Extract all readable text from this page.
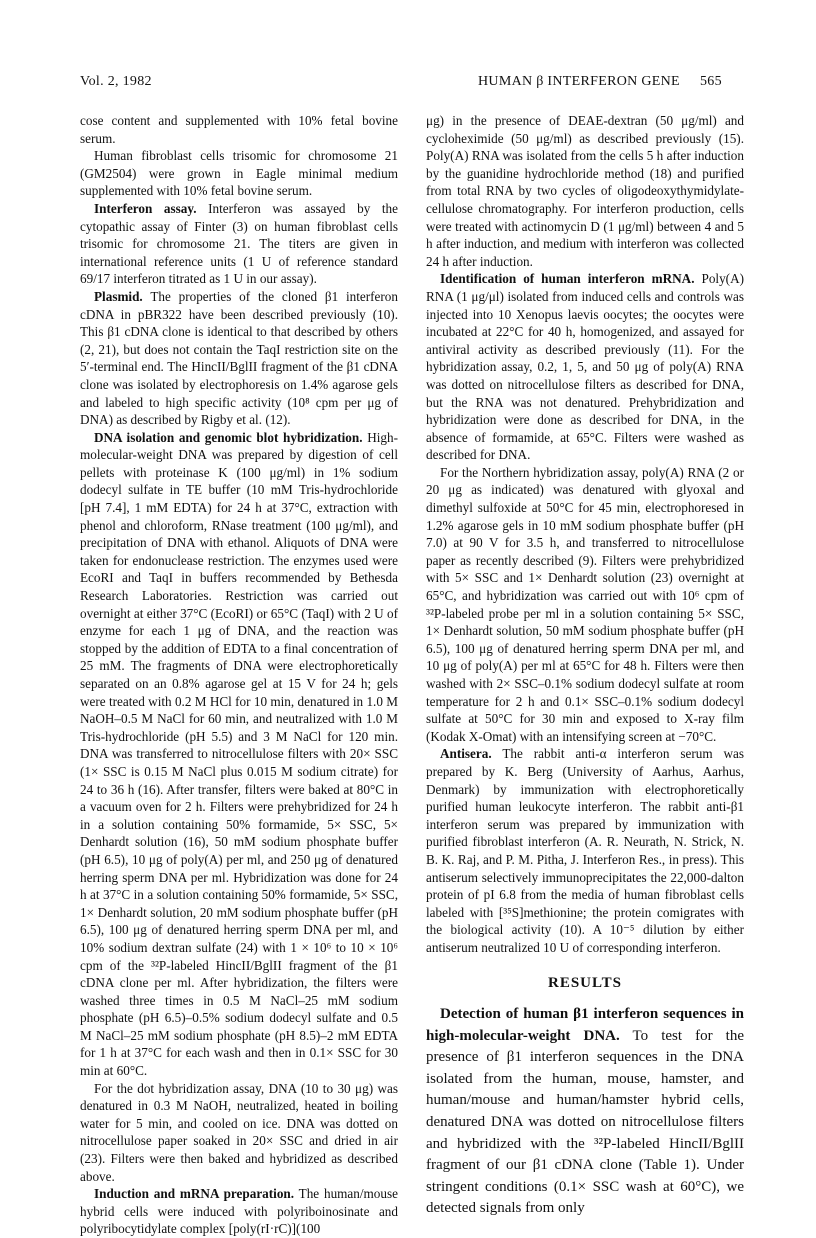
Vol. 2, 1982	HUMAN β INTERFERON GENE 565

cose content and supplemented with 10% fetal bovine serum.

Human fibroblast cells trisomic for chromosome 21 (GM2504) were grown in Eagle minimal medium supplemented with 10% fetal bovine serum.

Interferon assay. Interferon was assayed by the cytopathic assay of Finter (3) on human fibroblast cells trisomic for chromosome 21. The titers are given in international reference units (1 U of reference standard 69/17 interferon titrated as 1 U in our assay).

Plasmid. The properties of the cloned β1 interferon cDNA in pBR322 have been described previously (10). This β1 cDNA clone is identical to that described by others (2, 21), but does not contain the TaqI restriction site on the 5′-terminal end. The HincII/BglII fragment of the β1 cDNA clone was isolated by electrophoresis on 1.4% agarose gels and labeled to high specific activity (10⁸ cpm per μg of DNA) as described by Rigby et al. (12).

DNA isolation and genomic blot hybridization. High-molecular-weight DNA was prepared by digestion of cell pellets with proteinase K (100 μg/ml) in 1% sodium dodecyl sulfate in TE buffer (10 mM Tris-hydrochloride [pH 7.4], 1 mM EDTA) for 24 h at 37°C, extraction with phenol and chloroform, RNase treatment (100 μg/ml), and precipitation of DNA with ethanol. Aliquots of DNA were taken for endonuclease restriction. The enzymes used were EcoRI and TaqI in buffers recommended by Bethesda Research Laboratories. Restriction was carried out overnight at either 37°C (EcoRI) or 65°C (TaqI) with 2 U of enzyme for each 1 μg of DNA, and the reaction was stopped by the addition of EDTA to a final concentration of 25 mM. The fragments of DNA were electrophoretically separated on an 0.8% agarose gel at 15 V for 24 h; gels were treated with 0.2 M HCl for 10 min, denatured in 1.0 M NaOH–0.5 M NaCl for 60 min, and neutralized with 1.0 M Tris-hydrochloride (pH 5.5) and 3 M NaCl for 120 min. DNA was transferred to nitrocellulose filters with 20× SSC (1× SSC is 0.15 M NaCl plus 0.015 M sodium citrate) for 24 to 36 h (16). After transfer, filters were baked at 80°C in a vacuum oven for 2 h. Filters were prehybridized for 24 h in a solution containing 50% formamide, 5× SSC, 5× Denhardt solution (16), 50 mM sodium phosphate buffer (pH 6.5), 10 μg of poly(A) per ml, and 250 μg of denatured herring sperm DNA per ml. Hybridization was done for 24 h at 37°C in a solution containing 50% formamide, 5× SSC, 1× Denhardt solution, 20 mM sodium phosphate buffer (pH 6.5), 100 μg of denatured herring sperm DNA per ml, and 10% sodium dextran sulfate (24) with 1 × 10⁶ to 10 × 10⁶ cpm of the ³²P-labeled HincII/BglII fragment of the β1 cDNA clone per ml. After hybridization, the filters were washed three times in 0.5 M NaCl–25 mM sodium phosphate (pH 6.5)–0.5% sodium dodecyl sulfate and 0.5 M NaCl–25 mM sodium phosphate (pH 8.5)–2 mM EDTA for 1 h at 37°C for each wash and then in 0.1× SSC for 30 min at 60°C.

For the dot hybridization assay, DNA (10 to 30 μg) was denatured in 0.3 M NaOH, neutralized, heated in boiling water for 5 min, and cooled on ice. DNA was dotted on nitrocellulose paper soaked in 20× SSC and dried in air (23). Filters were then baked and hybridized as described above.

Induction and mRNA preparation. The human/mouse hybrid cells were induced with polyriboinosinate and polyribocytidylate complex [poly(rI·rC)](100

μg) in the presence of DEAE-dextran (50 μg/ml) and cycloheximide (50 μg/ml) as described previously (15). Poly(A) RNA was isolated from the cells 5 h after induction by the guanidine hydrochloride method (18) and purified from total RNA by two cycles of oligodeoxythymidylate-cellulose chromatography. For interferon production, cells were treated with actinomycin D (1 μg/ml) between 4 and 5 h after induction, and medium with interferon was collected 24 h after induction.

Identification of human interferon mRNA. Poly(A) RNA (1 μg/μl) isolated from induced cells and controls was injected into 10 Xenopus laevis oocytes; the oocytes were incubated at 22°C for 40 h, homogenized, and assayed for antiviral activity as described previously (11). For the hybridization assay, 0.2, 1, 5, and 50 μg of poly(A) RNA was dotted on nitrocellulose filters as described for DNA, but the RNA was not denatured. Prehybridization and hybridization were done as described for DNA, in the absence of formamide, at 65°C. Filters were washed as described for DNA.

For the Northern hybridization assay, poly(A) RNA (2 or 20 μg as indicated) was denatured with glyoxal and dimethyl sulfoxide at 50°C for 45 min, electrophoresed in 1.2% agarose gels in 10 mM sodium phosphate buffer (pH 7.0) at 90 V for 3.5 h, and transferred to nitrocellulose paper as recently described (9). Filters were prehybridized with 5× SSC and 1× Denhardt solution (23) overnight at 65°C, and hybridization was carried out with 10⁶ cpm of ³²P-labeled probe per ml in a solution containing 5× SSC, 1× Denhardt solution, 50 mM sodium phosphate buffer (pH 6.5), 100 μg of denatured herring sperm DNA per ml, and 10 μg of poly(A) per ml at 65°C for 48 h. Filters were then washed with 2× SSC–0.1% sodium dodecyl sulfate at room temperature for 2 h and 0.1× SSC–0.1% sodium dodecyl sulfate at 50°C for 30 min and exposed to X-ray film (Kodak X-Omat) with an intensifying screen at −70°C.

Antisera. The rabbit anti-α interferon serum was prepared by K. Berg (University of Aarhus, Aarhus, Denmark) by immunization with electrophoretically purified human leukocyte interferon. The rabbit anti-β1 interferon serum was prepared by immunization with purified fibroblast interferon (A. R. Neurath, N. Strick, N. B. K. Raj, and P. M. Pitha, J. Interferon Res., in press). This antiserum selectively immunoprecipitates the 22,000-dalton protein of pI 6.8 from the media of human fibroblast cells labeled with [³⁵S]methionine; the protein comigrates with the biological activity (10). A 10⁻⁵ dilution by either antiserum neutralized 10 U of corresponding interferon.

RESULTS

Detection of human β1 interferon sequences in high-molecular-weight DNA. To test for the presence of β1 interferon sequences in the DNA isolated from the human, mouse, hamster, and human/mouse and human/hamster hybrid cells, denatured DNA was dotted on nitrocellulose filters and hybridized with the ³²P-labeled HincII/BglII fragment of our β1 cDNA clone (Table 1). Under stringent conditions (0.1× SSC wash at 60°C), we detected signals from only
